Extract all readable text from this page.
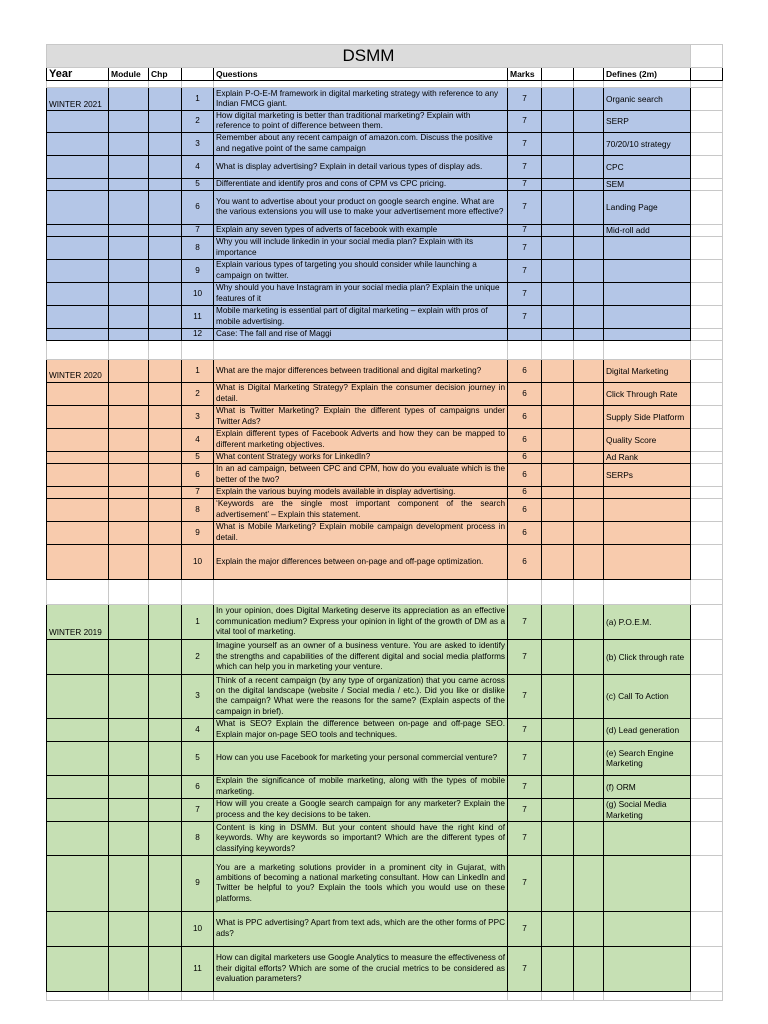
DSMM									
Year	Module	Chp		Questions	Marks			Defines (2m)	

WINTER 2021			1	Explain P-O-E-M framework in digital marketing strategy with reference to any Indian FMCG giant.	7			Organic search	
			2	How digital marketing is better than traditional marketing? Explain with reference to point of difference between them.	7			SERP	
			3	Remember about any recent campaign of amazon.com. Discuss the positive and negative point of the same campaign	7			70/20/10 strategy	
			4	What is display advertising? Explain in detail various types of display ads.	7			CPC	
			5	Differentiate and identify pros and cons of CPM vs CPC pricing.	7			SEM	
			6	You want to advertise about your product on google search engine. What are the various extensions you will use to make your advertisement more effective?	7			Landing Page	
			7	Explain any seven types of adverts of facebook with example	7			Mid-roll add	
			8	Why you will include linkedin in your social media plan? Explain with its importance	7				
			9	Explain various types of targeting you should consider while launching a campaign on twitter.	7				
			10	Why should you have Instagram in your social media plan? Explain the unique features of it	7				
			11	Mobile marketing is essential part of digital marketing – explain with pros of mobile advertising.	7				
			12	Case: The fall and rise of Maggi					

WINTER 2020			1	What are the major differences between traditional and digital marketing?	6			Digital Marketing	
			2	What is Digital Marketing Strategy? Explain the consumer decision journey in detail.	6			Click Through Rate	
			3	What is Twitter Marketing? Explain the different types of campaigns under Twitter Ads?	6			Supply Side Platform	
			4	Explain different types of Facebook Adverts and how they can be mapped to different marketing objectives.	6			Quality Score	
			5	What content Strategy works for LinkedIn?	6			Ad Rank	
			6	In an ad campaign, between CPC and CPM, how do you evaluate which is the better of the two?	6			SERPs	
			7	Explain the various buying models available in display advertising.	6				
			8	‘Keywords are the single most important component of the search advertisement’ – Explain this statement.	6				
			9	What is Mobile Marketing? Explain mobile campaign development process in detail.	6				
			10	Explain the major differences between on-page and off-page optimization.	6				

WINTER 2019			1	In your opinion, does Digital Marketing deserve its appreciation as an effective communication medium? Express your opinion in light of the growth of DM as a vital tool of marketing.	7			(a) P.O.E.M.	
			2	Imagine yourself as an owner of a business venture. You are asked to identify the strengths and capabilities of the different digital and social media platforms which can help you in marketing your venture.	7			(b) Click through rate	
			3	Think of a recent campaign (by any type of organization) that you came across on the digital landscape (website / Social media / etc.). Did you like or dislike the campaign? What were the reasons for the same? (Explain aspects of the campaign in brief).	7			(c) Call To Action	
			4	What is SEO? Explain the difference between on-page and off-page SEO. Explain major on-page SEO tools and techniques.	7			(d) Lead generation	
			5	How can you use Facebook for marketing your personal commercial venture?	7			(e) Search Engine Marketing	
			6	Explain the significance of mobile marketing, along with the types of mobile marketing.	7			(f) ORM	
			7	How will you create a Google search campaign for any marketer? Explain the process and the key decisions to be taken.	7			(g) Social Media Marketing	
			8	Content is king in DSMM. But your content should have the right kind of keywords. Why are keywords so important? Which are the different types of classifying keywords?	7				
			9	You are a marketing solutions provider in a prominent city in Gujarat, with ambitions of becoming a national marketing consultant. How can LinkedIn and Twitter be helpful to you? Explain the tools which you would use on these platforms.	7				
			10	What is PPC advertising? Apart from text ads, which are the other forms of PPC ads?	7				
			11	How can digital marketers use Google Analytics to measure the effectiveness of their digital efforts? Which are some of the crucial metrics to be considered as evaluation parameters?	7				
